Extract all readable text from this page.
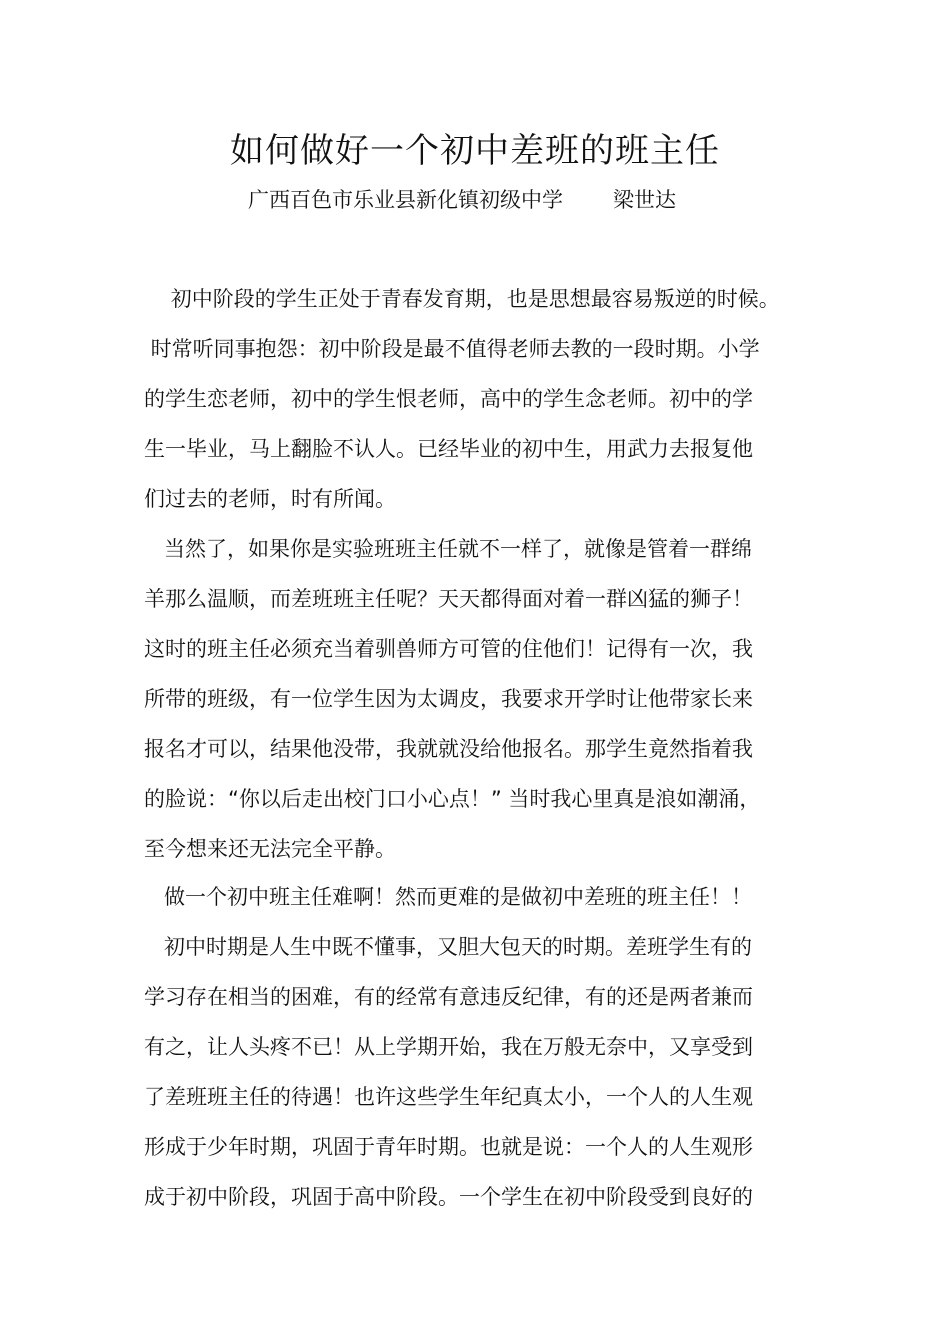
如何做好一个初中差班的班主任
广西百色市乐业县新化镇初级中学 梁世达
初中阶段的学生正处于青春发育期，也是思想最容易叛逆的时候。
时常听同事抱怨：初中阶段是最不值得老师去教的一段时期。小学
的学生恋老师，初中的学生恨老师，高中的学生念老师。初中的学
生一毕业，马上翻脸不认人。已经毕业的初中生，用武力去报复他
们过去的老师，时有所闻。
当然了，如果你是实验班班主任就不一样了，就像是管着一群绵
羊那么温顺，而差班班主任呢？天天都得面对着一群凶猛的狮子！
这时的班主任必须充当着驯兽师方可管的住他们！记得有一次，我
所带的班级，有一位学生因为太调皮，我要求开学时让他带家长来
报名才可以，结果他没带，我就就没给他报名。那学生竟然指着我
的脸说：“你以后走出校门口小心点！” 当时我心里真是浪如潮涌，
至今想来还无法完全平静。
做一个初中班主任难啊！然而更难的是做初中差班的班主任！！
初中时期是人生中既不懂事，又胆大包天的时期。差班学生有的
学习存在相当的困难，有的经常有意违反纪律，有的还是两者兼而
有之，让人头疼不已！从上学期开始，我在万般无奈中，又享受到
了差班班主任的待遇！也许这些学生年纪真太小，一个人的人生观
形成于少年时期，巩固于青年时期。也就是说：一个人的人生观形
成于初中阶段，巩固于高中阶段。一个学生在初中阶段受到良好的
